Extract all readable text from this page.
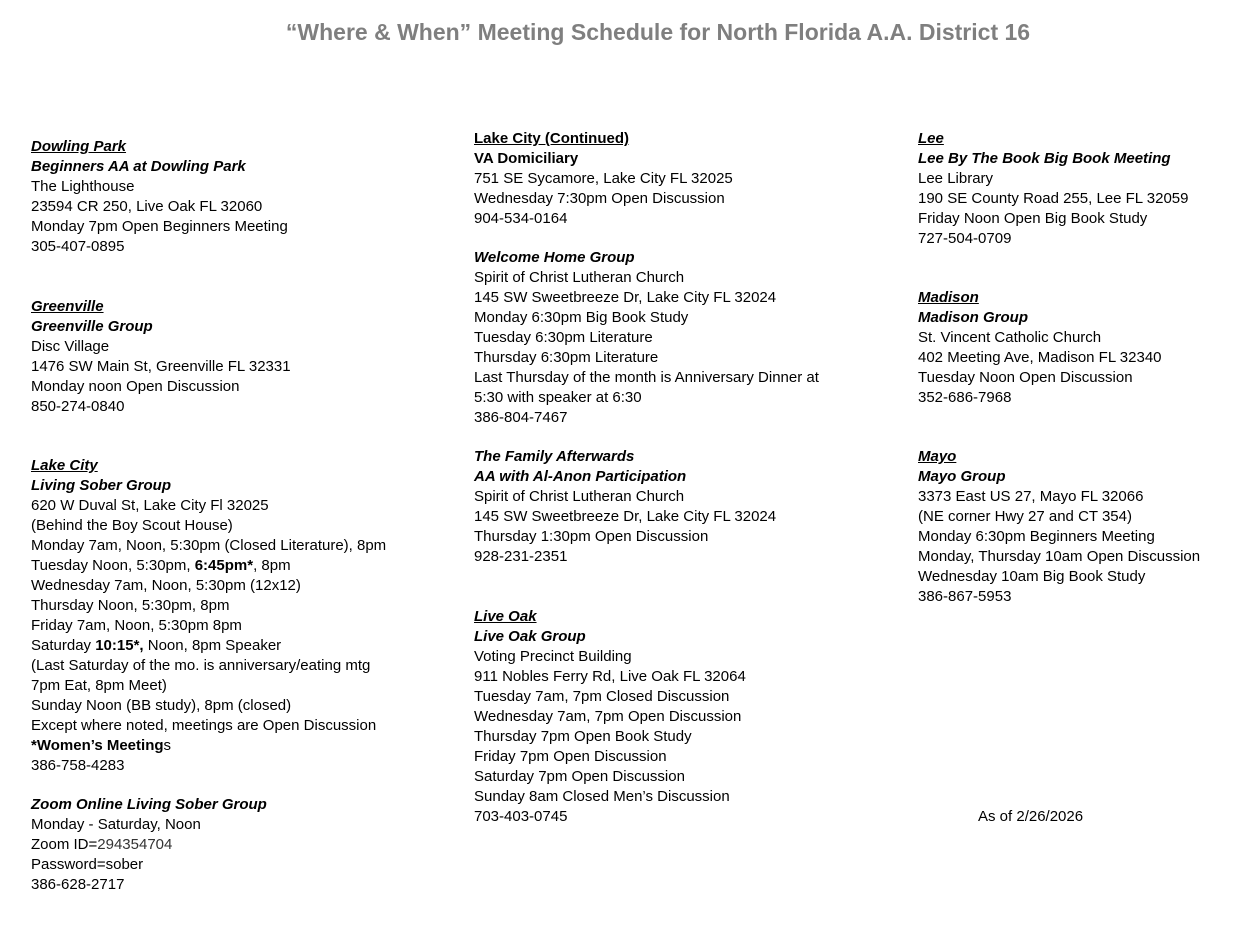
“Where & When” Meeting Schedule for North Florida A.A. District 16
Dowling Park
Beginners AA at Dowling Park
The Lighthouse
23594 CR 250, Live Oak FL 32060
Monday 7pm Open Beginners Meeting
305-407-0895
Greenville
Greenville Group
Disc Village
1476 SW Main St, Greenville FL 32331
Monday noon Open Discussion
850-274-0840
Lake City
Living Sober Group
620 W Duval St, Lake City Fl 32025
(Behind the Boy Scout House)
Monday 7am, Noon, 5:30pm (Closed Literature), 8pm
Tuesday Noon, 5:30pm, 6:45pm*, 8pm
Wednesday 7am, Noon, 5:30pm (12x12)
Thursday Noon, 5:30pm, 8pm
Friday 7am, Noon, 5:30pm 8pm
Saturday 10:15*, Noon, 8pm Speaker
(Last Saturday of the mo. is anniversary/eating mtg
7pm Eat, 8pm Meet)
Sunday Noon (BB study), 8pm (closed)
Except where noted, meetings are Open Discussion
*Women’s Meetings
386-758-4283
Zoom Online Living Sober Group
Monday - Saturday, Noon
Zoom ID=294354704
Password=sober
386-628-2717
Lake City (Continued)
VA Domiciliary
751 SE Sycamore, Lake City FL 32025
Wednesday 7:30pm Open Discussion
904-534-0164
Welcome Home Group
Spirit of Christ Lutheran Church
145 SW Sweetbreeze Dr, Lake City FL 32024
Monday 6:30pm Big Book Study
Tuesday 6:30pm Literature
Thursday 6:30pm Literature
Last Thursday of the month is Anniversary Dinner at
5:30 with speaker at 6:30
386-804-7467
The Family Afterwards
AA with Al-Anon Participation
Spirit of Christ Lutheran Church
145 SW Sweetbreeze Dr, Lake City FL 32024
Thursday 1:30pm Open Discussion
928-231-2351
Live Oak
Live Oak Group
Voting Precinct Building
911 Nobles Ferry Rd, Live Oak FL 32064
Tuesday 7am, 7pm Closed Discussion
Wednesday 7am, 7pm Open Discussion
Thursday 7pm Open Book Study
Friday 7pm Open Discussion
Saturday 7pm Open Discussion
Sunday 8am Closed Men’s Discussion
703-403-0745
Lee
Lee By The Book Big Book Meeting
Lee Library
190 SE County Road 255, Lee FL 32059
Friday Noon Open Big Book Study
727-504-0709
Madison
Madison Group
St. Vincent Catholic Church
402 Meeting Ave, Madison FL 32340
Tuesday Noon Open Discussion
352-686-7968
Mayo
Mayo Group
3373 East US 27, Mayo FL 32066
(NE corner Hwy 27 and CT 354)
Monday 6:30pm Beginners Meeting
Monday, Thursday 10am Open Discussion
Wednesday 10am Big Book Study
386-867-5953
As of 2/26/2026
